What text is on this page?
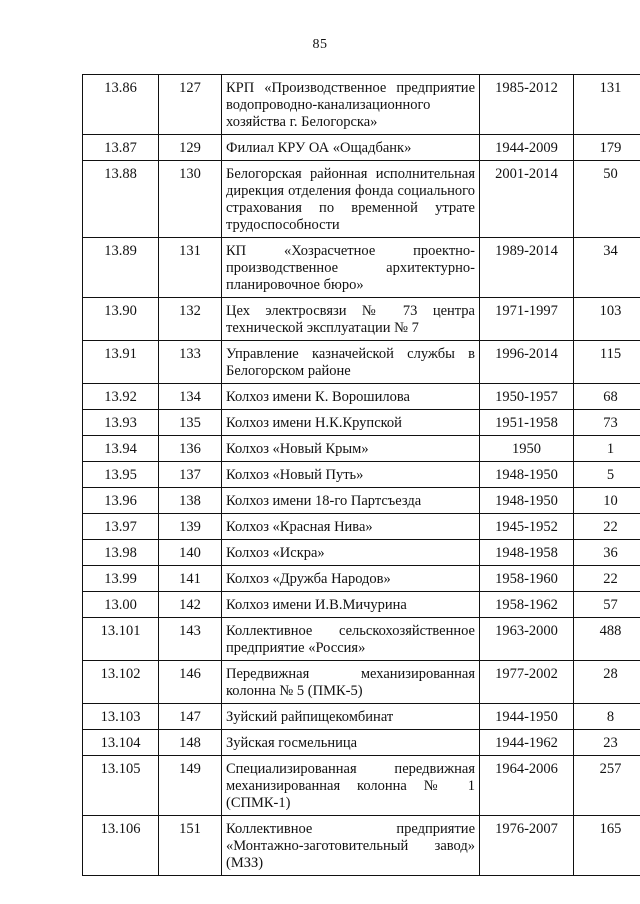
85
13.86	127	КРП «Производственное предприятие водопроводно-канализационного хозяйства г. Белогорска»	1985-2012	131
13.87	129	Филиал КРУ ОА «Ощадбанк»	1944-2009	179
13.88	130	Белогорская районная исполнительная дирекция отделения фонда социального страхования по временной утрате трудоспособности	2001-2014	50
13.89	131	КП «Хозрасчетное проектно-производственное архитектурно-планировочное бюро»	1989-2014	34
13.90	132	Цех электросвязи № 73 центра технической эксплуатации № 7	1971-1997	103
13.91	133	Управление казначейской службы в Белогорском районе	1996-2014	115
13.92	134	Колхоз имени К. Ворошилова	1950-1957	68
13.93	135	Колхоз имени Н.К.Крупской	1951-1958	73
13.94	136	Колхоз «Новый Крым»	1950	1
13.95	137	Колхоз «Новый Путь»	1948-1950	5
13.96	138	Колхоз имени 18-го Партсъезда	1948-1950	10
13.97	139	Колхоз «Красная Нива»	1945-1952	22
13.98	140	Колхоз «Искра»	1948-1958	36
13.99	141	Колхоз «Дружба Народов»	1958-1960	22
13.00	142	Колхоз имени И.В.Мичурина	1958-1962	57
13.101	143	Коллективное сельскохозяйственное предприятие «Россия»	1963-2000	488
13.102	146	Передвижная механизированная колонна № 5 (ПМК-5)	1977-2002	28
13.103	147	Зуйский райпищекомбинат	1944-1950	8
13.104	148	Зуйская госмельница	1944-1962	23
13.105	149	Специализированная передвижная механизированная колонна № 1 (СПМК-1)	1964-2006	257
13.106	151	Коллективное предприятие «Монтажно-заготовительный завод» (МЗЗ)	1976-2007	165
